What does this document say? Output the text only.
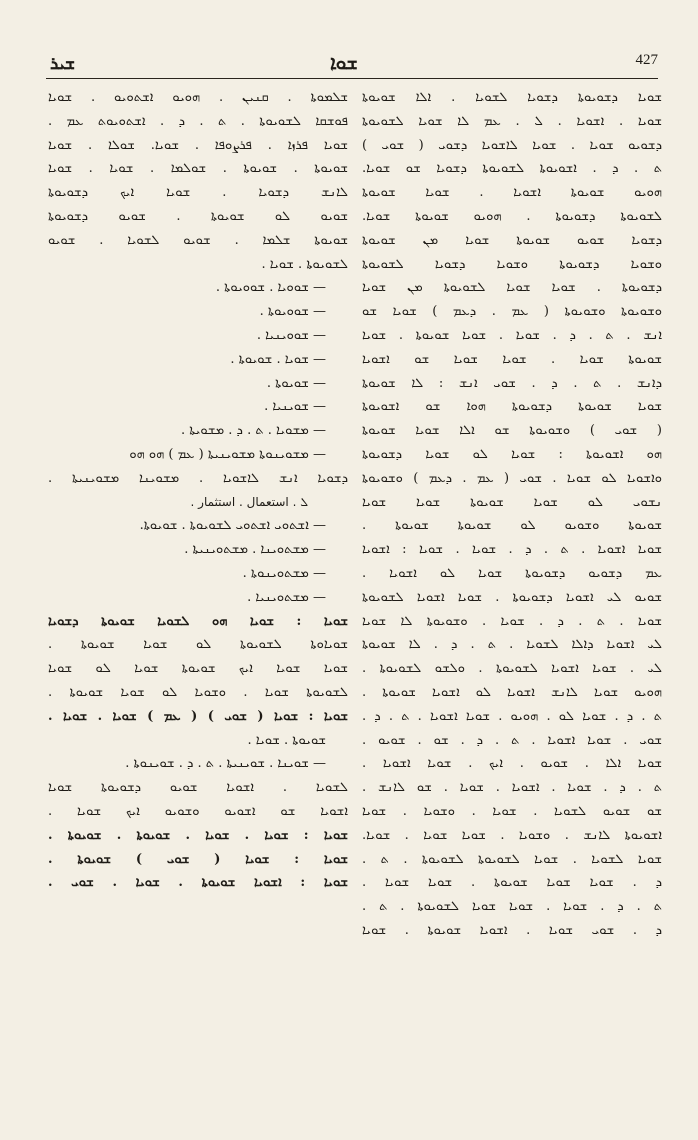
ܫܝܪ	ܫܘܐ	427
ܫܠܡܘܬܐ . ܩܢܝܢ . ܗܘܝܘ ܐܫܬܘܝܘ . ܫܘܝܐ
ܦܘܫܩܐ ܠܫܘܝܘܬܐ . ܬ . ܕ . ܐܫܬܘܝܘܬ ܥܡ .
ܫܘܝܐ ܦܪܙܐ . ܦܪܨܘܦܐ . ܫܘܝܐ. ܫܘܠܐ . ܫܘܝܐ
ܫܘܝܘܬܐ . ܫܘܝܘܬܐ . ܫܘܠܡܐ . ܫܘܝܐ . ܫܘܝܐ
ܠܐܢܫ ܕܫܘܝܐ . ܫܘܝܐ ܐܝܟ ܕܫܘܝܘܬܐ
ܫܘܝܘ ܠܘ ܫܘܝܘܬܐ . ܫܘܝܘ ܕܫܘܝܘܬܐ
ܫܘܝܘܬܐ ܫܠܡܐ . ܫܘܝܘ ܠܫܘܝܐ . ܫܘܝܘ
ܠܫܘܝܘܬܐ . ܫܘܝܐ .
— ܫܘܘܝܐ . ܫܘܘܝܘܬܐ .
— ܫܘܘܝܘܬܐ .
— ܫܘܘܝܢܝܐ .
— ܫܘܝܐ . ܫܘܝܘܬܐ .
— ܫܘܝܘܬܐ .
— ܫܘܝܢܝܐ .
— ܡܫܘܝܐ . ܬ . ܕ . ܡܫܘܝܬܐ .
— ܡܫܘܝܢܘܬܐ ܡܫܘܝܢܝܬܐ ( ܥܡ ) ܗܘ ܗܘ
ܕܫܘܝܐ ܐܢܫ ܠܐܫܘܝܐ . ܡܫܘܝܢܐ ܡܫܘܝܢܝܬܐ .
ܠ . استعمال . استثمار .
— ܐܫܬܘܝ ܐܫܬܘܝ ܠܫܘܝܘܬܐ . ܫܘܝܘܬܐ.
— ܡܫܬܘܝܢܐ . ܡܫܬܘܝܢܝܬܐ .
— ܡܫܬܘܝܢܘܬܐ .
— ܡܫܬܘܝܢܝܐ .
ܫܘܝܐ : ܫܘܝܐ ܗܘ ܠܫܘܝܐ ܫܘܝܘܬܐ ܕܫܘܝܐ
ܫܘܝܐܘܬܐ ܠܫܘܝܘܬܐ ܠܘ ܫܘܝܐ ܫܘܝܘܬܐ .
ܫܘܝܐ ܫܘܝܐ ܐܝܟ ܫܘܝܘܬܐ ܫܘܝܐ ܠܘ ܫܘܝܐ
ܠܫܘܝܘܬܐ ܫܘܝܐ . ܘܫܘܝܐ ܠܘ ܫܘܝܐ ܫܘܝܘܬܐ .
ܫܘܝܐ : ܫܘܝܐ ( ܫܘܝ ) ( ܥܡ ) ܫܘܝܐ . ܫܘܝܐ .
ܫܘܝܘܬܐ . ܫܘܝܐ .
— ܫܘܝܢܐ . ܫܘܝܢܝܬܐ . ܬ . ܕ . ܫܘܝܢܘܬܐ .
ܠܫܘܝܐ . ܐܫܘܝܐ ܫܘܝܘ ܕܫܘܝܘܬܐ ܫܘܝܐ
ܐܫܘܝܐ ܫܘ ܐܫܘܝܘ ܘܫܘܝܘ ܐܝܟ ܫܘܝܐ .
ܫܘܝܐ : ܫܘܝܐ . ܫܘܝܐ . ܫܘܝܘܬܐ . ܫܘܝܘܬܐ .
ܫܘܝܐ : ܫܘܝܐ ( ܫܘܝ ) ܫܘܝܘܬܐ .
ܫܘܝܐ : ܐܫܘܝܐ ܫܘܝܘܬܐ . ܫܘܝܐ . ܫܘܝ .
ܫܘܝܐ ܕܫܘܝܘܬܐ ܕܫܘܝܐ ܠܫܘܝܐ . ܐܠܐ ܫܘܝܘܬܐ
ܫܘܝܐ . ܐܫܘܝܐ . ܠ . ܥܡ ܠܐ ܫܘܝܐ ܠܫܘܝܘܬܐ
ܕܫܘܝܘ ܫܘܝܐ . ܫܘܝܐ ܠܐܫܘܝܐ ܕܫܘܝ ( ܫܘܝ )
ܬ . ܕ . ܐܫܘܝܘܬܐ ܠܫܘܝܘܬܐ ܕܫܘܝܐ ܫܘ ܫܘܝܐ.
ܗܘܝܘ ܫܘܝܘܬܐ ܐܫܘܝܐ . ܫܘܝܐ ܫܘܝܘܬܐ
ܠܫܘܝܘܬܐ ܕܫܘܝܘܬܐ . ܗܘܝܘ ܫܘܝܘܬܐ ܫܘܝܐ.
ܕܫܘܝܐ ܫܘܝܘ ܫܘܝܘܬܐ ܫܘܝܐ ܡܢ ܫܘܝܘܬܐ
ܘܫܘܝܐ ܕܫܘܝܘܬܐ ܘܫܘܝܐ ܕܫܘܝܐ ܠܫܘܝܘܬܐ
ܕܫܘܝܘܬܐ . ܫܘܝܐ ܫܘܝܐ ܠܫܘܝܘܬܐ ܡܢ ܫܘܝܐ
ܘܫܘܝܘܬܐ ܘܫܘܝܘܬܐ ( ܥܡ . ܕܥܡ ) ܫܘܝܐ ܫܘ
ܐܢܫ . ܬ . ܕ . ܫܘܝܐ . ܫܘܝܐ ܫܘܝܘܬܐ . ܫܘܝܐ
ܫܘܝܘܬܐ ܫܘܝܐ . ܫܘܝܐ ܫܘܝܐ ܫܘ ܐܫܘܝܐ
ܕܐܢܫ . ܬ . ܕ . ܫܘܝ ܐܢܫ : ܠܐ ܫܘܝܘܬܐ
ܫܘܝܐ ܫܘܝܘܬܐ ܕܫܘܝܘܬܐ ܗܘܐ ܫܘ ܐܫܘܝܘܬܐ
( ܫܘܝ ) ܘܫܘܝܘܬܐ ܫܘ ܐܠܐ ܫܘܝܐ ܫܘܝܘܬܐ
ܗܘ ܐܫܘܝܘܬܐ : ܫܘܝܐ ܠܘ ܫܘܝܐ ܕܫܘܝܘܬܐ
ܘܐܫܘܝܐ ܠܘ ܫܘܝܐ . ܫܘܝ ( ܥܡ . ܕܥܡ ) ܘܫܘܝܘܬܐ
ܢܫܘܝ ܠܘ ܫܘܝܐ ܫܘܝܘܬܐ ܫܘܝܐ ܫܘܝܐ
ܫܘܝܘܬܐ ܘܫܘܝܘ ܠܘ ܫܘܝܘܬܐ ܫܘܝܘܬܐ .
ܫܘܝܐ ܐܫܘܝܐ . ܬ . ܕ . ܫܘܝܐ . ܫܘܝܐ : ܐܫܘܝܐ
ܥܡ ܕܫܘܝܘ ܕܫܘܝܘܬܐ ܫܘܝܐ ܠܘ ܐܫܘܝܐ .
ܫܘܝܘ ܠܝ ܐܫܘܝܐ ܕܫܘܝܘܬܐ . ܫܘܝܐ ܐܫܘܝܐ ܠܫܘܝܘܬܐ
ܫܘܝܐ . ܬ . ܕ . ܫܘܝܐ . ܘܫܘܝܘܬܐ ܠܐ ܫܘܝܐ
ܠܝ ܐܫܘܝܐ ܕܐܠܐ ܠܫܘܝܐ . ܬ . ܕ . ܠܐ ܫܘܝܘܬܐ
ܠܝ . ܫܘܝܐ ܐܫܘܝܐ ܠܫܘܝܘܬܐ . ܘܠܫܘ ܠܫܘܝܘܬܐ .
ܗܘܝܘ ܫܘܝܐ ܠܐܢܫ ܐܫܘܝܐ ܠܘ ܐܫܘܝܐ ܫܘܝܘܬܐ .
ܬ . ܕ . ܫܘܝܐ ܠܘ . ܗܘܝܘ . ܫܘܝܐ ܐܫܘܝܐ . ܬ . ܕ .
ܫܘܝ . ܫܘܝܐ ܐܫܘܝܐ . ܬ . ܕ . ܫܘ . ܫܘܝܘ .
ܫܘܝܐ ܐܠܐ . ܫܘܝܘ . ܐܝܟ . ܫܘܝܐ ܐܫܘܝܐ .
ܬ . ܕ . ܫܘܝܐ . ܐܫܘܝܐ . ܫܘܝܐ . ܫܘ ܠܐܢܫ .
ܫܘ ܫܘܝܘ ܠܫܘܝܐ . ܫܘܝܐ . ܘܫܘܝܐ . ܫܘܝܐ
ܐܫܘܝܘܬܐ ܠܐܢܫ . ܘܫܘܝܐ . ܫܘܝܐ ܫܘܝܐ . ܫܘܝܐ.
ܫܘܝܐ ܠܫܘܝܐ . ܫܘܝܐ ܠܫܘܝܘܬܐ ܠܫܘܝܘܬܐ . ܬ .
ܕ . ܫܘܝܐ ܫܘܝܐ ܫܘܝܘܬܐ . ܫܘܝܐ ܫܘܝܐ .
ܬ . ܕ . ܫܘܝܐ . ܫܘܝܐ ܫܘܝܐ ܠܫܘܝܘܬܐ . ܬ .
ܕ . ܫܘܝ ܫܘܝܐ . ܐܫܘܝܐ ܫܘܝܘܬܐ . ܫܘܝܐ
